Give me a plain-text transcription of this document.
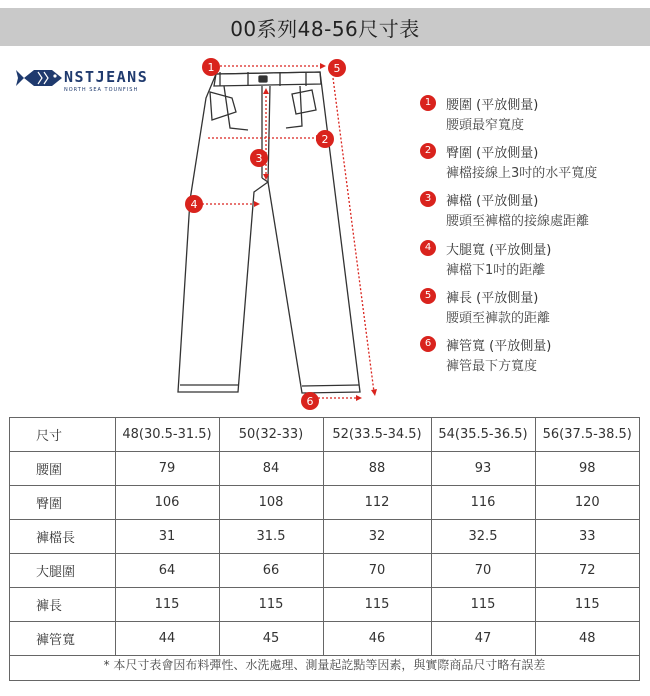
00系列48-56尺寸表
NSTJEANS
NORTH SEA TOUNFISH
1
2
3
4
5
6
1	腰圍 (平放側量)
腰頭最窄寬度
2	臀圍 (平放側量)
褲檔接線上3吋的水平寬度
3	褲檔 (平放側量)
腰頭至褲檔的接線處距離
4	大腿寬 (平放側量)
褲檔下1吋的距離
5	褲長 (平放側量)
腰頭至褲款的距離
6	褲管寬 (平放側量)
褲管最下方寬度
尺寸	48(30.5-31.5)	50(32-33)	52(33.5-34.5)	54(35.5-36.5)	56(37.5-38.5)
腰圍	79	84	88	93	98
臀圍	106	108	112	116	120
褲檔長	31	31.5	32	32.5	33
大腿圍	64	66	70	70	72
褲長	115	115	115	115	115
褲管寬	44	45	46	47	48
* 本尺寸表會因布料彈性、水洗處理、測量起訖點等因素，與實際商品尺寸略有誤差
